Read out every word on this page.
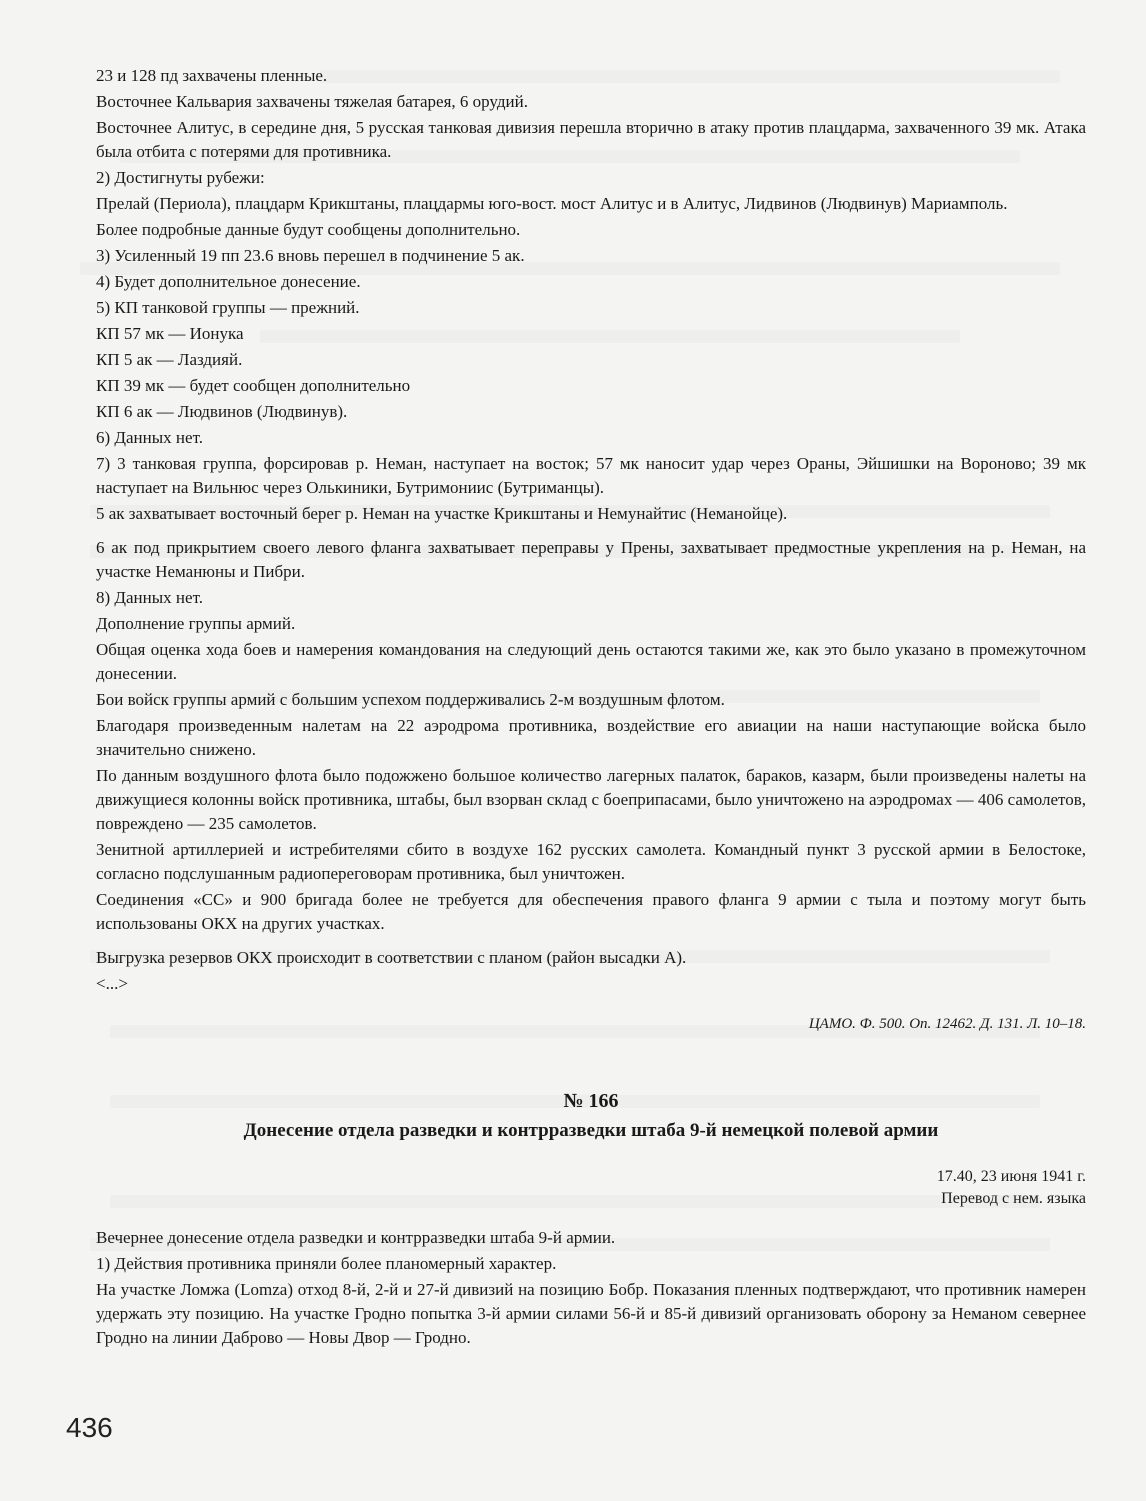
23 и 128 пд захвачены пленные.

Восточнее Кальвария захвачены тяжелая батарея, 6 орудий.

Восточнее Алитус, в середине дня, 5 русская танковая дивизия перешла вторично в атаку против плацдарма, захваченного 39 мк. Атака была отбита с потерями для противника.

2) Достигнуты рубежи:

Прелай (Периола), плацдарм Крикштаны, плацдармы юго-вост. мост Алитус и в Алитус, Лидвинов (Людвинув) Мариамполь.

Более подробные данные будут сообщены дополнительно.

3) Усиленный 19 пп 23.6 вновь перешел в подчинение 5 ак.

4) Будет дополнительное донесение.

5) КП танковой группы — прежний.

КП 57 мк — Ионука

КП 5 ак — Лаздияй.

КП 39 мк — будет сообщен дополнительно

КП 6 ак — Людвинов (Людвинув).

6) Данных нет.

7) 3 танковая группа, форсировав р. Неман, наступает на восток; 57 мк наносит удар через Ораны, Эйшишки на Вороново; 39 мк наступает на Вильнюс через Олькиники, Бутримониис (Бутриманцы).

5 ак захватывает восточный берег р. Неман на участке Крикштаны и Немунайтис (Неманойце).

6 ак под прикрытием своего левого фланга захватывает переправы у Прены, захватывает предмостные укрепления на р. Неман, на участке Неманюны и Пибри.

8) Данных нет.

Дополнение группы армий.

Общая оценка хода боев и намерения командования на следующий день остаются такими же, как это было указано в промежуточном донесении.

Бои войск группы армий с большим успехом поддерживались 2-м воздушным флотом.

Благодаря произведенным налетам на 22 аэродрома противника, воздействие его авиации на наши наступающие войска было значительно снижено.

По данным воздушного флота было подожжено большое количество лагерных палаток, бараков, казарм, были произведены налеты на движущиеся колонны войск противника, штабы, был взорван склад с боеприпасами, было уничтожено на аэродромах — 406 самолетов, повреждено — 235 самолетов.

Зенитной артиллерией и истребителями сбито в воздухе 162 русских самолета. Командный пункт 3 русской армии в Белостоке, согласно подслушанным радиопереговорам противника, был уничтожен.

Соединения «СС» и 900 бригада более не требуется для обеспечения правого фланга 9 армии с тыла и поэтому могут быть использованы ОКХ на других участках.

Выгрузка резервов ОКХ происходит в соответствии с планом (район высадки А).

<...>

ЦАМО. Ф. 500. Оп. 12462. Д. 131. Л. 10–18.
№ 166
Донесение отдела разведки и контрразведки штаба 9-й немецкой полевой армии
17.40, 23 июня 1941 г.
Перевод с нем. языка

Вечернее донесение отдела разведки и контрразведки штаба 9-й армии.

1) Действия противника приняли более планомерный характер.

На участке Ломжа (Lomza) отход 8-й, 2-й и 27-й дивизий на позицию Бобр. Показания пленных подтверждают, что противник намерен удержать эту позицию. На участке Гродно попытка 3-й армии силами 56-й и 85-й дивизий организовать оборону за Неманом севернее Гродно на линии Даброво — Новы Двор — Гродно.

436
